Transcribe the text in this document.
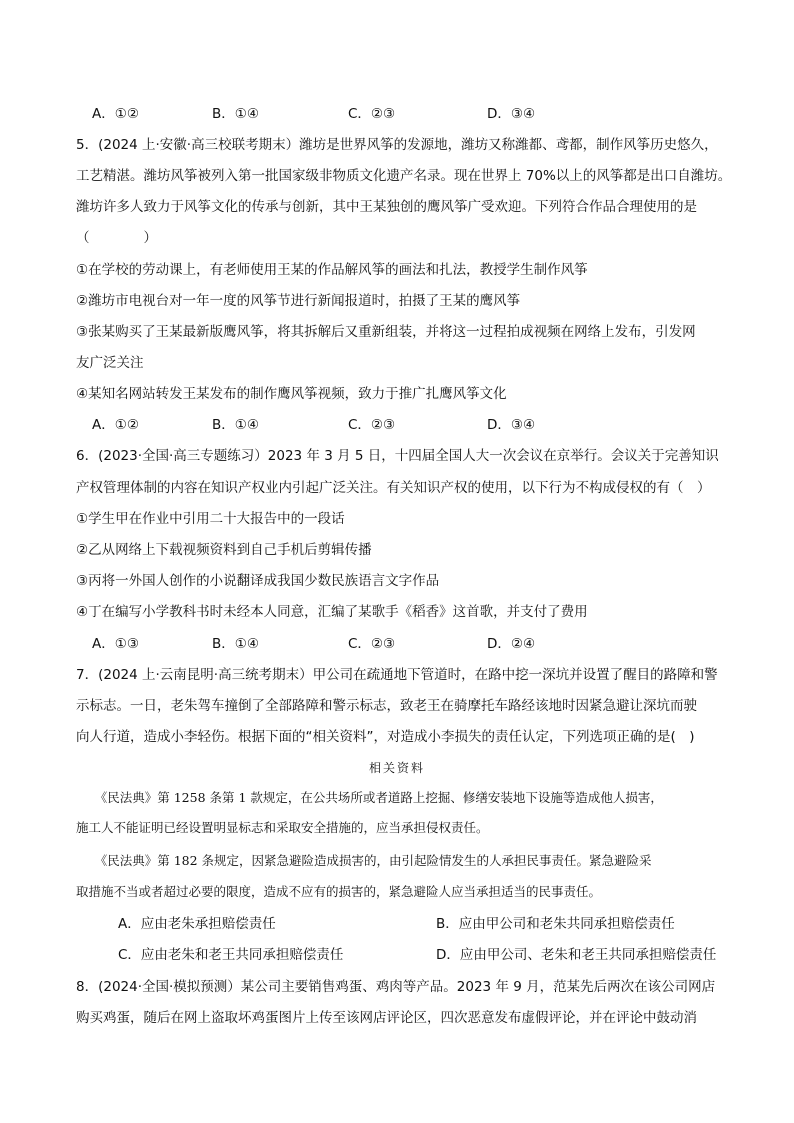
A．①②	B．①④	C．②③	D．③④
5．(2024 上·安徽·高三校联考期末）潍坊是世界风筝的发源地，潍坊又称潍都、鸢都，制作风筝历史悠久，
工艺精湛。潍坊风筝被列入第一批国家级非物质文化遗产名录。现在世界上 70%以上的风筝都是出口自潍坊。
潍坊许多人致力于风筝文化的传承与创新，其中王某独创的鹰风筝广受欢迎。下列符合作品合理使用的是
（　　　　）
①在学校的劳动课上，有老师使用王某的作品解风筝的画法和扎法，教授学生制作风筝
②潍坊市电视台对一年一度的风筝节进行新闻报道时，拍摄了王某的鹰风筝
③张某购买了王某最新版鹰风筝，将其拆解后又重新组装，并将这一过程拍成视频在网络上发布，引发网
友广泛关注
④某知名网站转发王某发布的制作鹰风筝视频，致力于推广扎鹰风筝文化
A．①②	B．①④	C．②③	D．③④
6．(2023·全国·高三专题练习）2023 年 3 月 5 日，十四届全国人大一次会议在京举行。会议关于完善知识
产权管理体制的内容在知识产权业内引起广泛关注。有关知识产权的使用，以下行为不构成侵权的有（　）
①学生甲在作业中引用二十大报告中的一段话
②乙从网络上下载视频资料到自己手机后剪辑传播
③丙将一外国人创作的小说翻译成我国少数民族语言文字作品
④丁在编写小学教科书时未经本人同意，汇编了某歌手《稻香》这首歌，并支付了费用
A．①③	B．①④	C．②③	D．②④
7．(2024 上·云南昆明·高三统考期末）甲公司在疏通地下管道时，在路中挖一深坑并设置了醒目的路障和警
示标志。一日，老朱驾车撞倒了全部路障和警示标志，致老王在骑摩托车路经该地时因紧急避让深坑而驶
向人行道，造成小李轻伤。根据下面的“相关资料”，对造成小李损失的责任认定，下列选项正确的是(　)
相关资料
　　《民法典》第 1258 条第 1 款规定，在公共场所或者道路上挖掘、修缮安装地下设施等造成他人损害，
施工人不能证明已经设置明显标志和采取安全措施的，应当承担侵权责任。
　　《民法典》第 182 条规定，因紧急避险造成损害的，由引起险情发生的人承担民事责任。紧急避险采
取措施不当或者超过必要的限度，造成不应有的损害的，紧急避险人应当承担适当的民事责任。
A．应由老朱承担赔偿责任	B．应由甲公司和老朱共同承担赔偿责任
C．应由老朱和老王共同承担赔偿责任	D．应由甲公司、老朱和老王共同承担赔偿责任
8．(2024·全国·模拟预测）某公司主要销售鸡蛋、鸡肉等产品。2023 年 9 月，范某先后两次在该公司网店
购买鸡蛋，随后在网上盗取坏鸡蛋图片上传至该网店评论区，四次恶意发布虚假评论，并在评论中鼓动消
